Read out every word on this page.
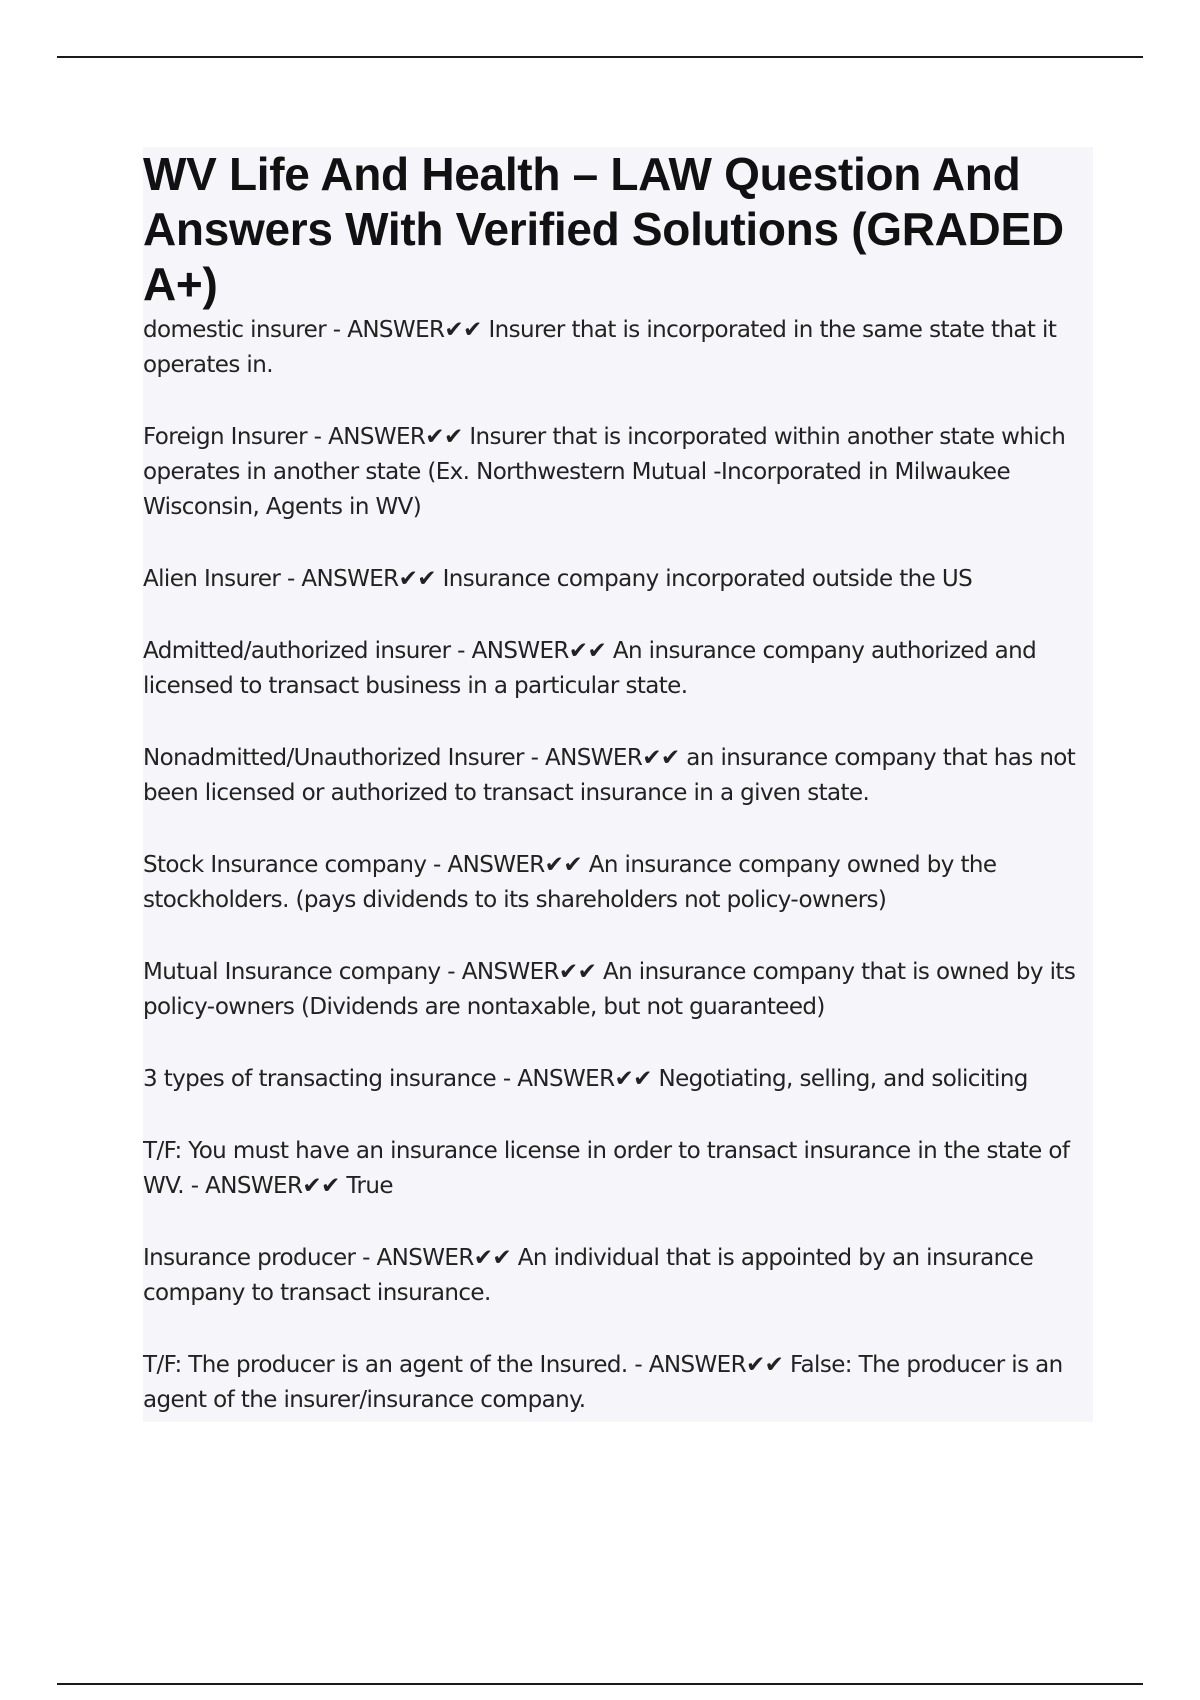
WV Life And Health – LAW Question And Answers With Verified Solutions (GRADED A+)
domestic insurer - ANSWER✔✔ Insurer that is incorporated in the same state that it operates in.
Foreign Insurer - ANSWER✔✔ Insurer that is incorporated within another state which operates in another state (Ex. Northwestern Mutual -Incorporated in Milwaukee Wisconsin, Agents in WV)
Alien Insurer - ANSWER✔✔ Insurance company incorporated outside the US
Admitted/authorized insurer - ANSWER✔✔ An insurance company authorized and licensed to transact business in a particular state.
Nonadmitted/Unauthorized Insurer - ANSWER✔✔ an insurance company that has not been licensed or authorized to transact insurance in a given state.
Stock Insurance company - ANSWER✔✔ An insurance company owned by the stockholders. (pays dividends to its shareholders not policy-owners)
Mutual Insurance company - ANSWER✔✔ An insurance company that is owned by its policy-owners (Dividends are nontaxable, but not guaranteed)
3 types of transacting insurance - ANSWER✔✔ Negotiating, selling, and soliciting
T/F: You must have an insurance license in order to transact insurance in the state of WV. - ANSWER✔✔ True
Insurance producer - ANSWER✔✔ An individual that is appointed by an insurance company to transact insurance.
T/F: The producer is an agent of the Insured. - ANSWER✔✔ False: The producer is an agent of the insurer/insurance company.
